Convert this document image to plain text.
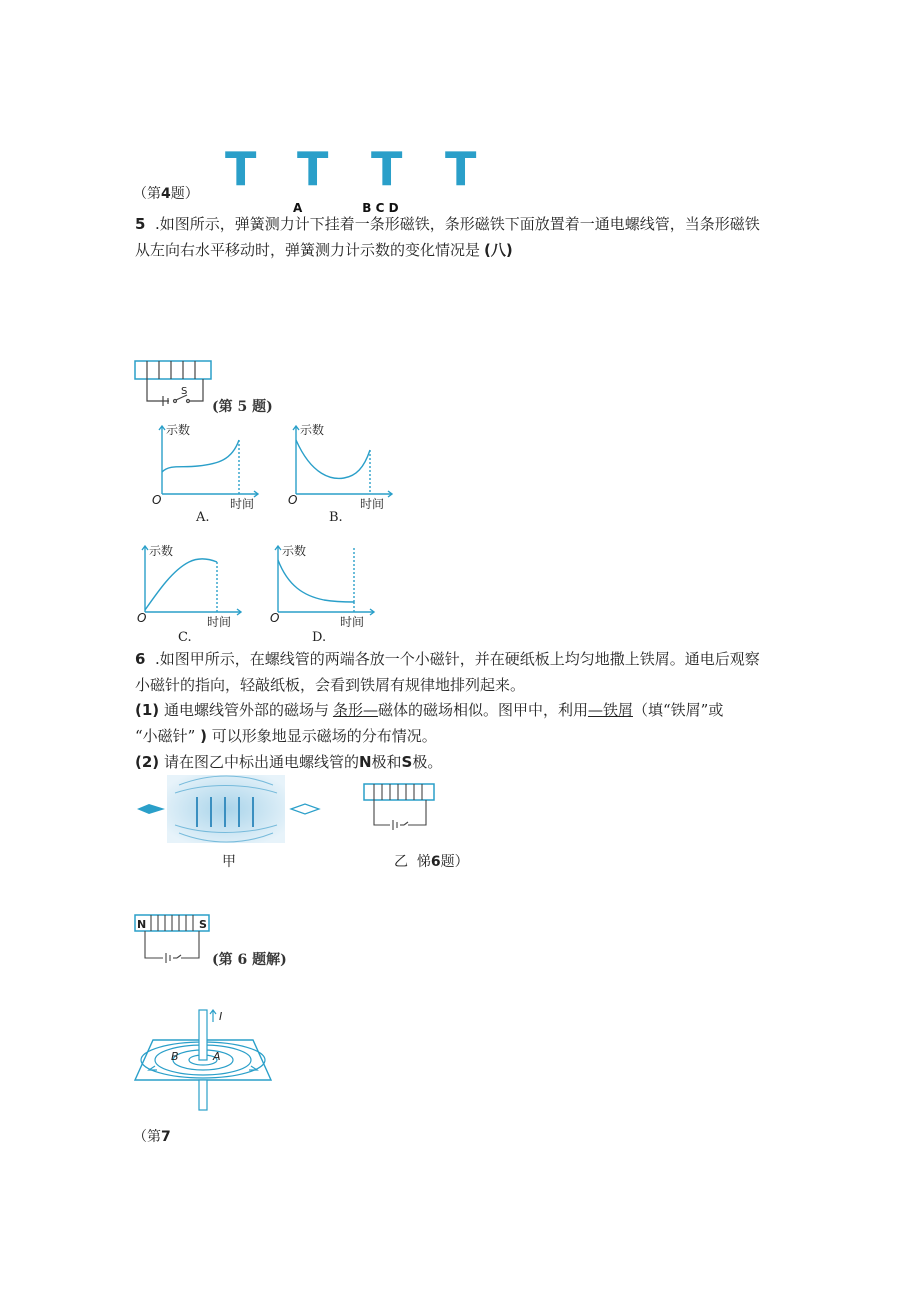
T T T T
A　　　　　B C D
（第4题）
5 .如图所示，弹簧测力计下挂着一条形磁铁，条形磁铁下面放置着一通电螺线管，当条形磁铁
从左向右水平移动时，弹簧测力计示数的变化情况是 (八)
S
(第 5 题)
示数
时间
O
A.
示数
时间
O
B.
示数
时间
O
C.
示数
时间
O
D.
6 .如图甲所示，在螺线管的两端各放一个小磁针，并在硬纸板上均匀地撒上铁屑。通电后观察
小磁针的指向，轻敲纸板，会看到铁屑有规律地排列起来。
(1) 通电螺线管外部的磁场与 条形—磁体的磁场相似。图甲中，利用—铁屑（填“铁屑”或
“小磁针” ) 可以形象地显示磁场的分布情况。
(2) 请在图乙中标出通电螺线管的N极和S极。
甲	乙 悌6题）
N	S
(第 6 题解)
I
B	A
（第7
